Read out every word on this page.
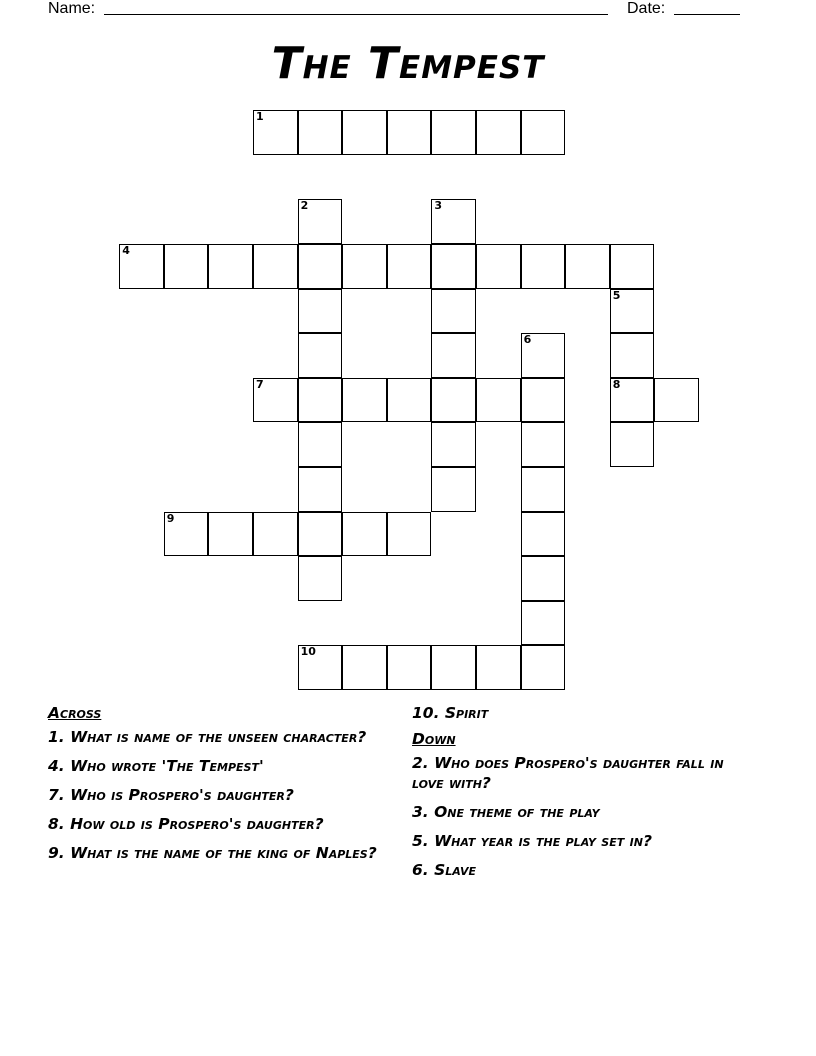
Name:	Date:
The Tempest
1
2	3
4
5
6
7	8
9
10
Across
1. What is name of the unseen character?
4. Who wrote 'The Tempest'
7. Who is Prospero's daughter?
8. How old is Prospero's daughter?
9. What is the name of the king of Naples?
10. Spirit
Down
2. Who does Prospero's daughter fall in love with?
3. One theme of the play
5. What year is the play set in?
6. Slave
